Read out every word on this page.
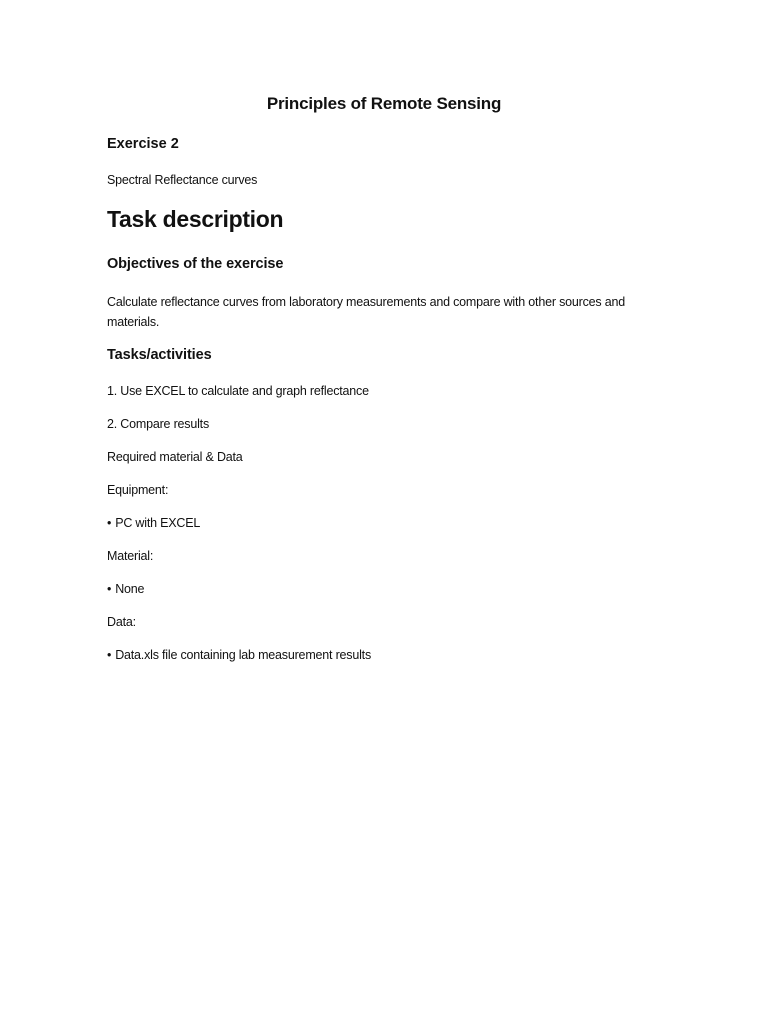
Principles of Remote Sensing
Exercise 2

Spectral Reflectance curves

Task description
Objectives of the exercise

Calculate reflectance curves from laboratory measurements and compare with other sources and materials.

Tasks/activities

1. Use EXCEL to calculate and graph reflectance

2. Compare results

Required material & Data

Equipment:

• PC with EXCEL

Material:

• None

Data:

• Data.xls file containing lab measurement results
